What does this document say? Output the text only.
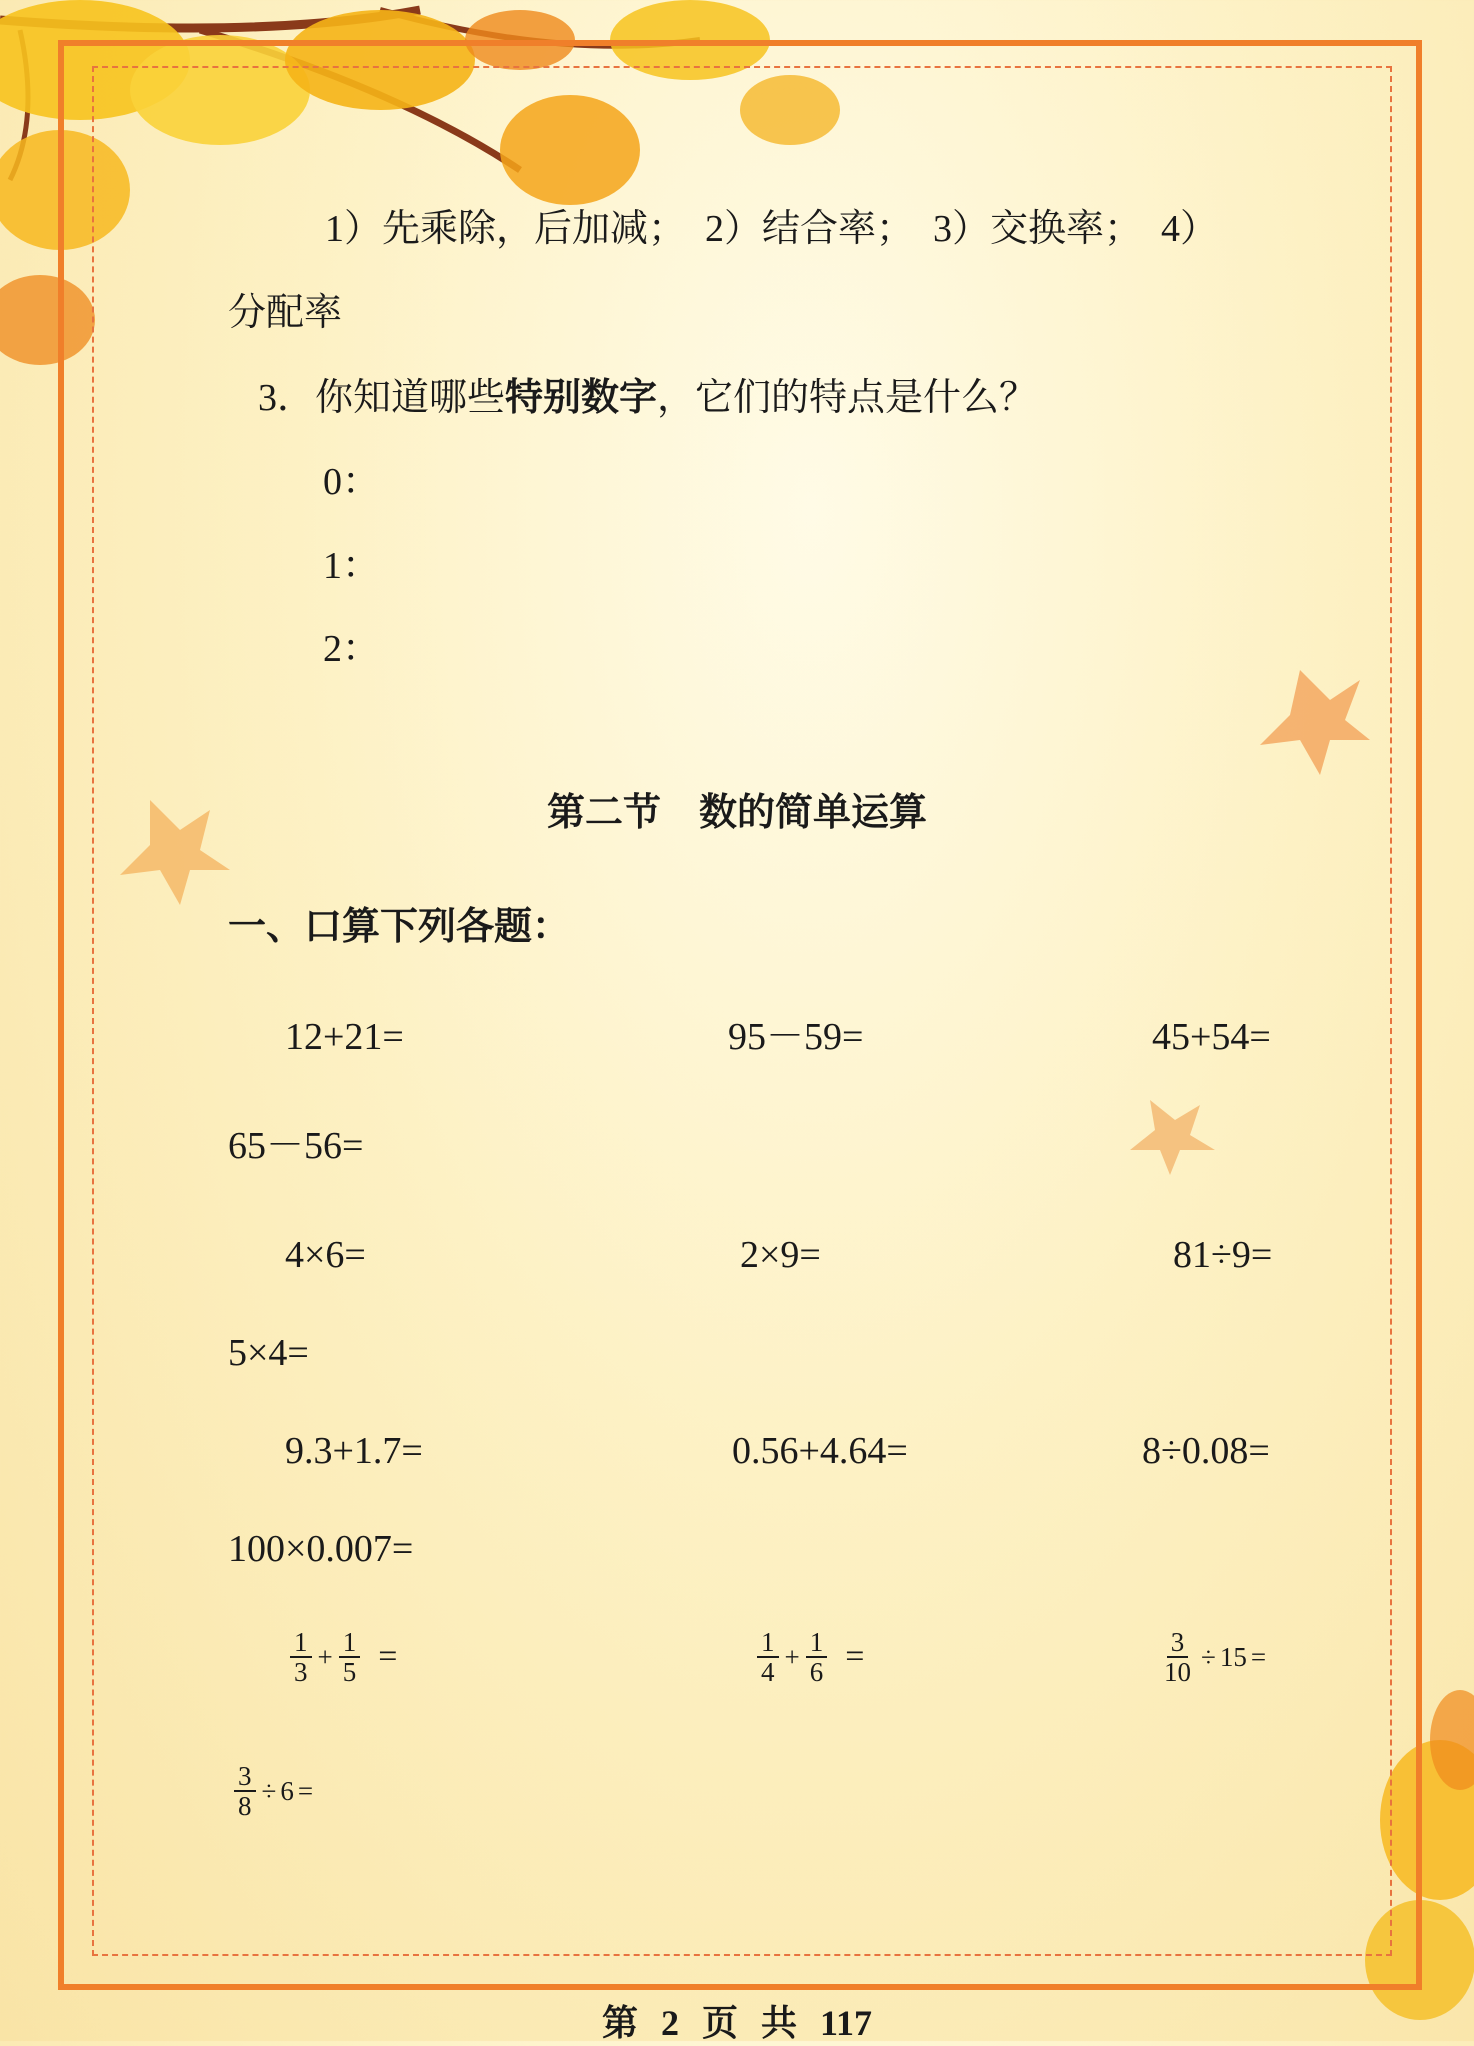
1）先乘除，后加减；　2）结合率；　3）交换率；　4）
分配率
3．你知道哪些特别数字，它们的特点是什么？
0：
1：
2：
第二节　数的简单运算
一、口算下列各题：
12+21=	95－59=	45+54=
65－56=
4×6=	2×9=	81÷9=
5×4=
9.3+1.7=	0.56+4.64=	8÷0.08=
100×0.007=
$\frac{1}{3} + \frac{1}{5}$ =	$\frac{1}{4} + \frac{1}{6}$ =	$\frac{3}{10} \div 15$ =
$\frac{3}{8} \div 6$ =
第 2 页 共 117
